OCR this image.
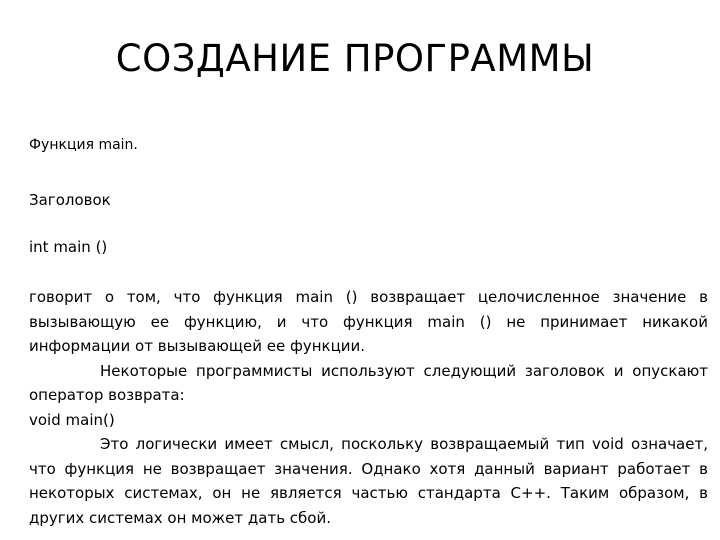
СОЗДАНИЕ ПРОГРАММЫ

Функция main.

Заголовок

int main ()

говорит о том, что функция main () возвращает целочисленное значение в вызывающую ее функцию, и что функция main () не принимает никакой информации от вызывающей ее функции.

Некоторые программисты используют следующий заголовок и опускают оператор возврата:

void main()

Это логически имеет смысл, поскольку возвращаемый тип void означает, что функция не возвращает значения. Однако хотя данный вариант работает в некоторых системах, он не является частью стандарта C++. Таким образом, в других системах он может дать сбой.
